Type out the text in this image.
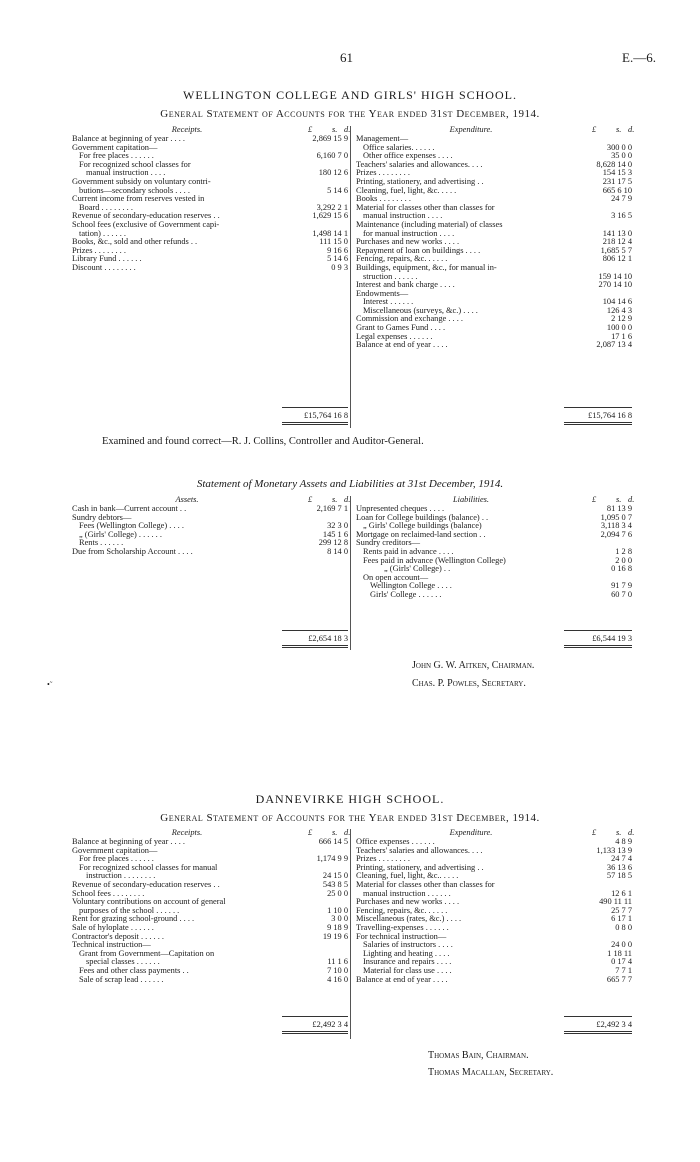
61	E.—6.
WELLINGTON COLLEGE AND GIRLS' HIGH SCHOOL.
General Statement of Accounts for the Year ended 31st December, 1914.
Receipts.	£ s. d.
Balance at beginning of year . . . .	2,869 15 9
Government capitation—
For free places . . . . . .	6,160 7 0
For recognized school classes for
manual instruction . . . .	180 12 6
Government subsidy on voluntary contri-
butions—secondary schools . . . .	5 14 6
Current income from reserves vested in
Board . . . . . . . .	3,292 2 1
Revenue of secondary-education reserves . .	1,629 15 6
School fees (exclusive of Government capi-
tation) . . . . . .	1,498 14 1
Books, &c., sold and other refunds . .	111 15 0
Prizes . . . . . . . .	9 16 6
Library Fund . . . . . .	5 14 6
Discount . . . . . . . .	0 9 3
Expenditure.	£ s. d.
Management—
Office salaries. . . . . .	300 0 0
Other office expenses . . . .	35 0 0
Teachers' salaries and allowances. . . .	8,628 14 0
Prizes . . . . . . . .	154 15 3
Printing, stationery, and advertising . .	231 17 5
Cleaning, fuel, light, &c. . . . .	665 6 10
Books . . . . . . . .	24 7 9
Material for classes other than classes for
manual instruction . . . .	3 16 5
Maintenance (including material) of classes
for manual instruction . . . .	141 13 0
Purchases and new works . . . .	218 12 4
Repayment of loan on buildings . . . .	1,685 5 7
Fencing, repairs, &c. . . . . .	806 12 1
Buildings, equipment, &c., for manual in-
struction . . . . . .	159 14 10
Interest and bank charge . . . .	270 14 10
Endowments—
Interest . . . . . .	104 14 6
Miscellaneous (surveys, &c.) . . . .	126 4 3
Commission and exchange . . . .	2 12 9
Grant to Games Fund . . . .	100 0 0
Legal expenses . . . . . .	17 1 6
Balance at end of year . . . .	2,087 13 4
£15,764 16 8	£15,764 16 8
Examined and found correct—R. J. Collins, Controller and Auditor-General.
Statement of Monetary Assets and Liabilities at 31st December, 1914.
Assets.	£ s. d.
Cash in bank—Current account . .	2,169 7 1
Sundry debtors—
Fees (Wellington College) . . . .	32 3 0
„ (Girls' College) . . . . . .	145 1 6
Rents . . . . . .	299 12 8
Due from Scholarship Account . . . .	8 14 0
Liabilities.	£ s. d.
Unpresented cheques . . . .	81 13 9
Loan for College buildings (balance) . .	1,095 0 7
„ Girls' College buildings (balance)	3,118 3 4
Mortgage on reclaimed-land section . .	2,094 7 6
Sundry creditors—
Rents paid in advance . . . .	1 2 8
Fees paid in advance (Wellington College)	2 0 0
„ (Girls' College) . .	0 16 8
On open account—
Wellington College . . . .	91 7 9
Girls' College . . . . . .	60 7 0
£2,654 18 3	£6,544 19 3
John G. W. Aitken, Chairman.
Chas. P. Powles, Secretary.
•˜
DANNEVIRKE HIGH SCHOOL.
General Statement of Accounts for the Year ended 31st December, 1914.
Receipts.	£ s. d.
Balance at beginning of year . . . .	666 14 5
Government capitation—
For free places . . . . . .	1,174 9 9
For recognized school classes for manual
instruction . . . . . . . .	24 15 0
Revenue of secondary-education reserves . .	543 8 5
School fees . . . . . . . .	25 0 0
Voluntary contributions on account of general
purposes of the school . . . . . .	1 10 0
Rent for grazing school-ground . . . .	3 0 0
Sale of hyloplate . . . . . .	9 18 9
Contractor's deposit . . . . . .	19 19 6
Technical instruction—
Grant from Government—Capitation on
special classes . . . . . .	11 1 6
Fees and other class payments . .	7 10 0
Sale of scrap lead . . . . . .	4 16 0
Expenditure.	£ s. d.
Office expenses . . . . . .	4 8 9
Teachers' salaries and allowances. . . .	1,133 13 9
Prizes . . . . . . . .	24 7 4
Printing, stationery, and advertising . .	36 13 6
Cleaning, fuel, light, &c.. . . . .	57 18 5
Material for classes other than classes for
manual instruction . . . . . .	12 6 1
Purchases and new works . . . .	490 11 11
Fencing, repairs, &c. . . . . .	25 7 7
Miscellaneous (rates, &c.) . . . .	6 17 1
Travelling-expenses . . . . . .	0 8 0
For technical instruction—
Salaries of instructors . . . .	24 0 0
Lighting and heating . . . .	1 18 11
Insurance and repairs . . . .	0 17 4
Material for class use . . . .	7 7 1
Balance at end of year . . . .	665 7 7
£2,492 3 4	£2,492 3 4
Thomas Bain, Chairman.
Thomas Macallan, Secretary.
